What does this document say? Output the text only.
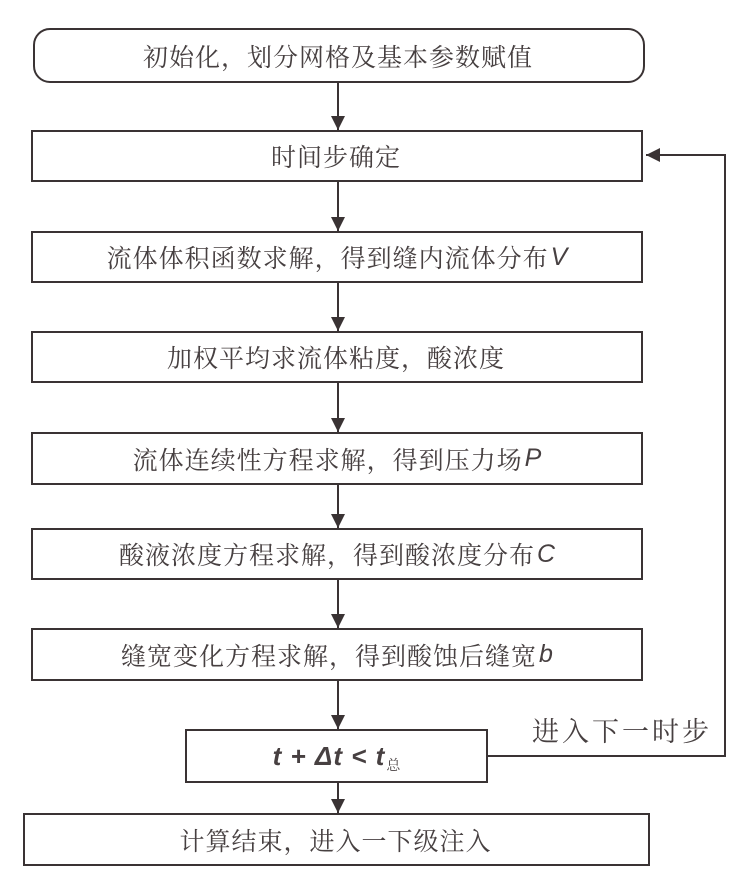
初始化，划分网格及基本参数赋值
时间步确定
流体体积函数求解，得到缝内流体分布 V
加权平均求流体粘度，酸浓度
流体连续性方程求解，得到压力场 P
酸液浓度方程求解，得到酸浓度分布 C
缝宽变化方程求解，得到酸蚀后缝宽 b
t + Δt < t 总
计算结束，进入一下级注入
进入下一时步
